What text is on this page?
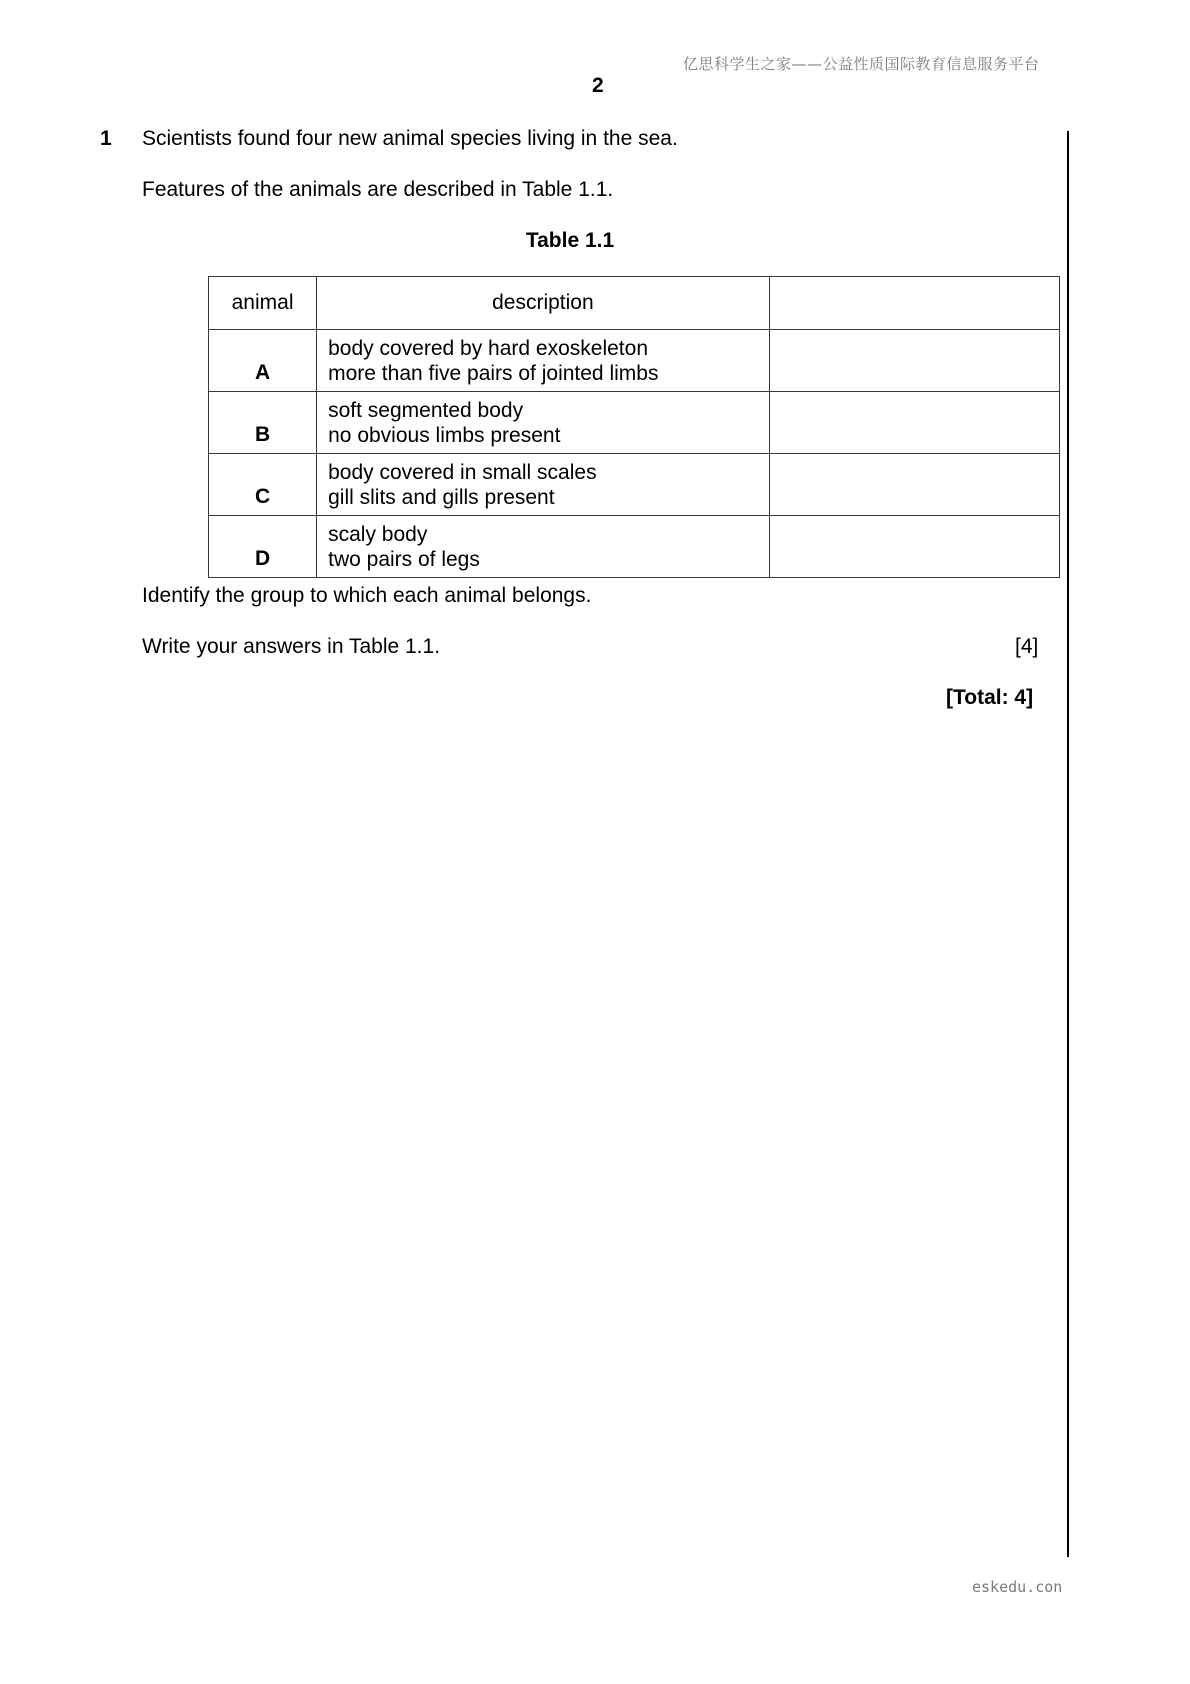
亿思科学生之家——公益性质国际教育信息服务平台
2
1 Scientists found four new animal species living in the sea.
Features of the animals are described in Table 1.1.
Table 1.1
animal	description	
A	body covered by hard exoskeleton
more than five pairs of jointed limbs	

B	soft segmented body
no obvious limbs present	

C	body covered in small scales
gill slits and gills present	

D	scaly body
two pairs of legs	

Identify the group to which each animal belongs.
Write your answers in Table 1.1.	[4]
[Total: 4]
eskedu.con
